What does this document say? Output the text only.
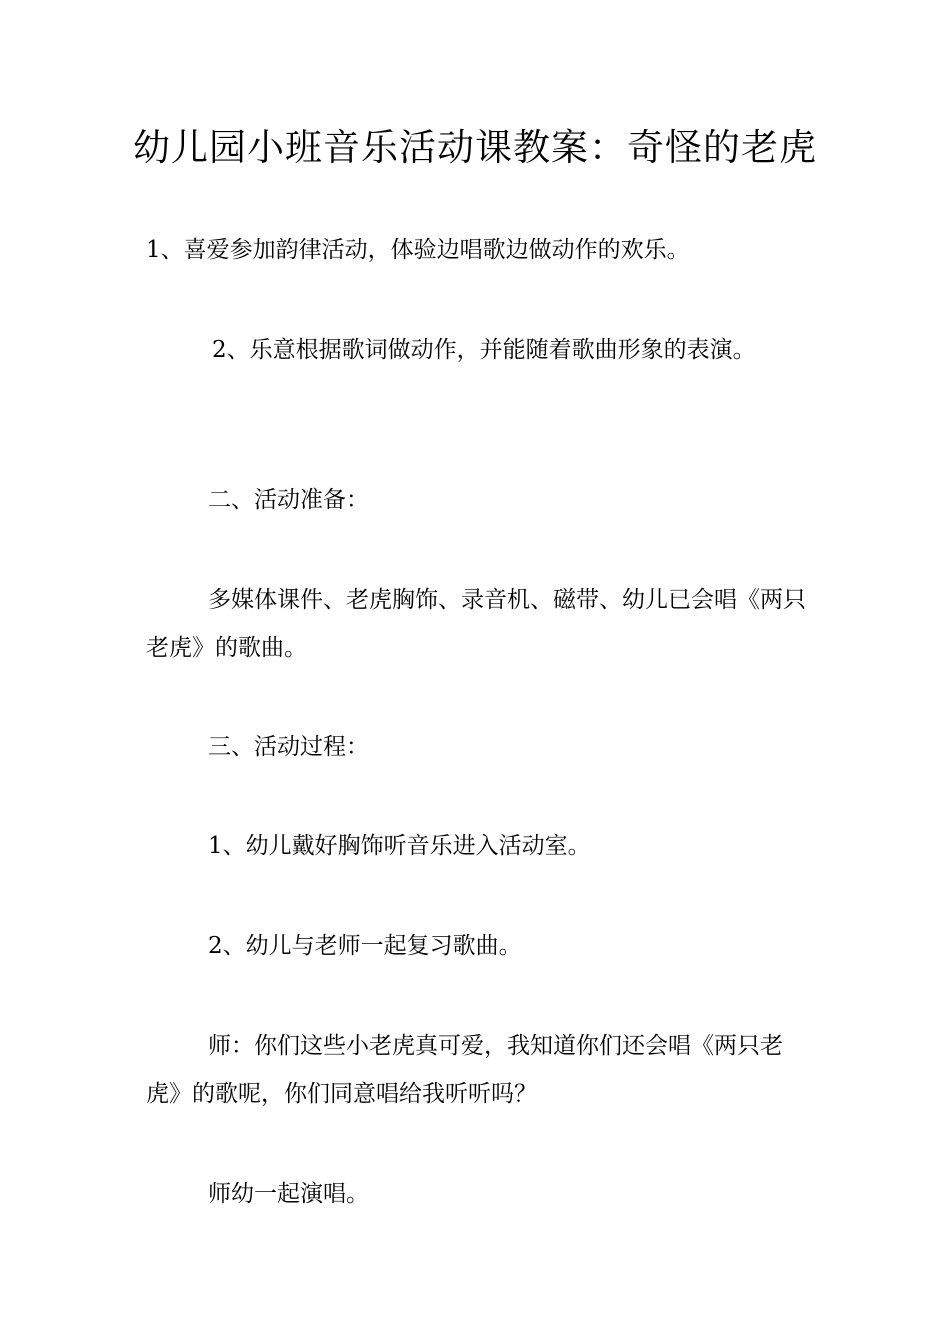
幼儿园小班音乐活动课教案：奇怪的老虎

1、喜爱参加韵律活动，体验边唱歌边做动作的欢乐。

2、乐意根据歌词做动作，并能随着歌曲形象的表演。

二、活动准备：

多媒体课件、老虎胸饰、录音机、磁带、幼儿已会唱《两只老虎》的歌曲。

三、活动过程：

1、幼儿戴好胸饰听音乐进入活动室。

2、幼儿与老师一起复习歌曲。

师：你们这些小老虎真可爱，我知道你们还会唱《两只老虎》的歌呢，你们同意唱给我听听吗？

师幼一起演唱。
